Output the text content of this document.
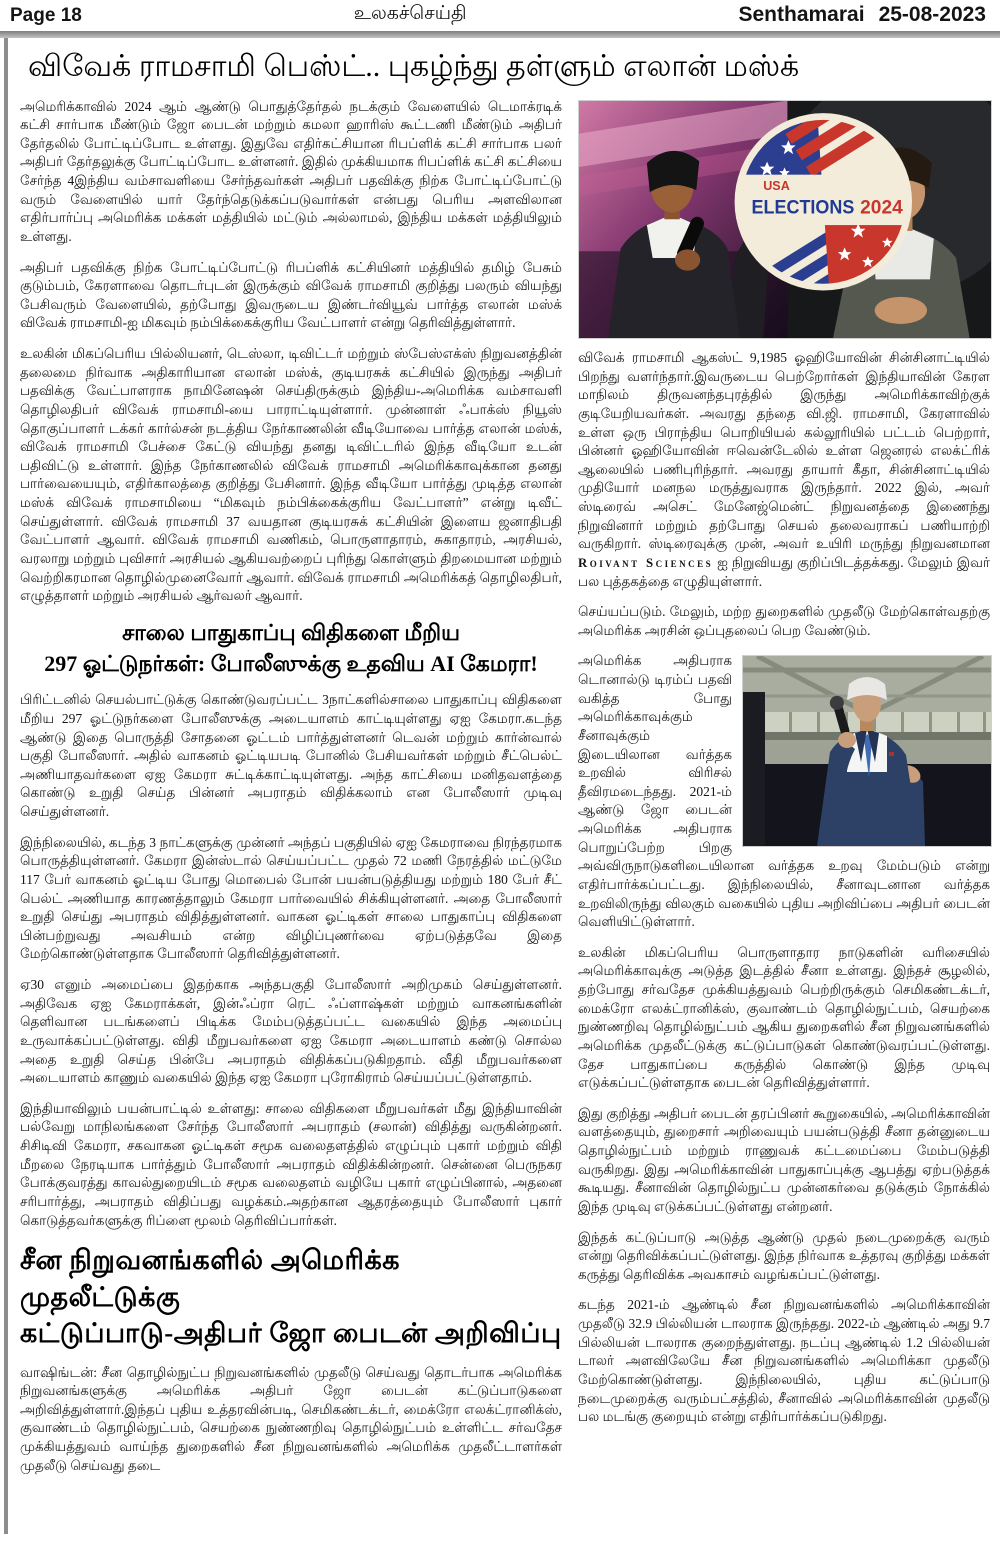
Page 18	உலகச்செய்தி	Senthamarai 25-08-2023
விவேக் ராமசாமி பெஸ்ட்.. புகழ்ந்து தள்ளும் எலான் மஸ்க்

அமெரிக்காவில் 2024 ஆம் ஆண்டு பொதுத்தேர்தல் நடக்கும் வேளையில் டெமாக்ரடிக் கட்சி சார்பாக மீண்டும் ஜோ பைடன் மற்றும் கமலா ஹாரிஸ் கூட்டணி மீண்டும் அதிபர் தேர்தலில் போட்டிப்போட உள்ளது. இதுவே எதிர்கட்சியான ரிபப்ளிக் கட்சி சார்பாக பலர் அதிபர் தேர்தலுக்கு போட்டிப்போட உள்ளனர். இதில் முக்கியமாக ரிபப்ளிக் கட்சி கட்சியை சேர்ந்த 4இந்திய வம்சாவளியை சேர்ந்தவர்கள் அதிபர் பதவிக்கு நிற்க போட்டிப்போட்டு வரும் வேளையில் யார் தேர்ந்தெடுக்கப்படுவார்கள் என்பது பெரிய அளவிலான எதிர்பார்ப்பு அமெரிக்க மக்கள் மத்தியில் மட்டும் அல்லாமல், இந்திய மக்கள் மத்தியிலும் உள்ளது.

அதிபர் பதவிக்கு நிற்க போட்டிப்போட்டு ரிபப்ளிக் கட்சியினர் மத்தியில் தமிழ் பேசும் குடும்பம், கேரளாவை தொடர்புடன் இருக்கும் விவேக் ராமசாமி குறித்து பலரும் வியந்து பேசிவரும் வேளையில், தற்போது இவருடைய இண்டர்வியூவ் பார்த்த எலான் மஸ்க் விவேக் ராமசாமி-ஐ மிகவும் நம்பிக்கைக்குரிய வேட்பாளர் என்று தெரிவித்துள்ளார்.

உலகின் மிகப்பெரிய பில்லியனர், டெஸ்லா, டிவிட்டர் மற்றும் ஸ்பேஸ்எக்ஸ் நிறுவனத்தின் தலைமை நிர்வாக அதிகாரியான எலான் மஸ்க், குடியரசுக் கட்சியில் இருந்து அதிபர் பதவிக்கு வேட்பாளராக நாமினேஷன் செய்திருக்கும் இந்திய-அமெரிக்க வம்சாவளி தொழிலதிபர் விவேக் ராமசாமி-யை பாராட்டியுள்ளார். முன்னாள் ஃபாக்ஸ் நியூஸ் தொகுப்பாளர் டக்கர் கார்ல்சன் நடத்திய நேர்காணலின் வீடியோவை பார்த்த எலான் மஸ்க், விவேக் ராமசாமி பேச்சை கேட்டு வியந்து தனது டிவிட்டரில் இந்த வீடியோ உடன் பதிவிட்டு உள்ளார். இந்த நேர்காணலில் விவேக் ராமசாமி அமெரிக்காவுக்கான தனது பார்வையையும், எதிர்காலத்தை குறித்து பேசினார். இந்த வீடியோ பார்த்து முடித்த எலான் மஸ்க் விவேக் ராமசாமியை “மிகவும் நம்பிக்கைக்குரிய வேட்பாளர்” என்று டிவீட் செய்துள்ளார். விவேக் ராமசாமி 37 வயதான குடியரசுக் கட்சியின் இளைய ஜனாதிபதி வேட்பாளர் ஆவார். விவேக் ராமசாமி வணிகம், பொருளாதாரம், சுகாதாரம், அரசியல், வரலாறு மற்றும் புவிசார் அரசியல் ஆகியவற்றைப் புரிந்து கொள்ளும் திறமையான மற்றும் வெற்றிகரமான தொழில்முனைவோர் ஆவார். விவேக் ராமசாமி அமெரிக்கத் தொழிலதிபர், எழுத்தாளர் மற்றும் அரசியல் ஆர்வலர் ஆவார்.

சாலை பாதுகாப்பு விதிகளை மீறிய
297 ஓட்டுநர்கள்: போலீஸுக்கு உதவிய AI கேமரா!

பிரிட்டனில் செயல்பாட்டுக்கு கொண்டுவரப்பட்ட 3நாட்களில்சாலை பாதுகாப்பு விதிகளை மீறிய 297 ஓட்டுநர்களை போலீஸுக்கு அடையாளம் காட்டியுள்ளது ஏஐ கேமரா.கடந்த ஆண்டு இதை பொருத்தி சோதனை ஓட்டம் பார்த்துள்ளனர் டெவன் மற்றும் கார்ன்வால் பகுதி போலீஸார். அதில் வாகனம் ஓட்டியபடி போனில் பேசியவர்கள் மற்றும் சீட்பெல்ட் அணியாதவர்களை ஏஐ கேமரா சுட்டிக்காட்டியுள்ளது. அந்த காட்சியை மனிதவளத்தை கொண்டு உறுதி செய்த பின்னர் அபராதம் விதிக்கலாம் என போலீஸார் முடிவு செய்துள்ளனர்.

இந்நிலையில், கடந்த 3 நாட்களுக்கு முன்னர் அந்தப் பகுதியில் ஏஐ கேமராவை நிரந்தரமாக பொருத்தியுள்ளனர். கேமரா இன்ஸ்டால் செய்யப்பட்ட முதல் 72 மணி நேரத்தில் மட்டுமே 117 பேர் வாகனம் ஓட்டிய போது மொபைல் போன் பயன்படுத்தியது மற்றும் 180 பேர் சீட் பெல்ட் அணியாத காரணத்தாலும் கேமரா பார்வையில் சிக்கியுள்ளனர். அதை போலீஸார் உறுதி செய்து அபராதம் விதித்துள்ளனர். வாகன ஓட்டிகள் சாலை பாதுகாப்பு விதிகளை பின்பற்றுவது அவசியம் என்ற விழிப்புணர்வை ஏற்படுத்தவே இதை மேற்கொண்டுள்ளதாக போலீஸார் தெரிவித்துள்ளனர்.

ஏ30 எனும் அமைப்பை இதற்காக அந்தபகுதி போலீஸார் அறிமுகம் செய்துள்ளனர். அதிவேக ஏஐ கேமராக்கள், இன்ஃப்ரா ரெட் ஃப்ளாஷ்கள் மற்றும் வாகனங்களின் தெளிவான படங்களைப் பிடிக்க மேம்படுத்தப்பட்ட வகையில் இந்த அமைப்பு உருவாக்கப்பட்டுள்ளது. விதி மீறுபவர்களை ஏஐ கேமரா அடையாளம் கண்டு சொல்ல அதை உறுதி செய்த பின்பே அபராதம் விதிக்கப்படுகிறதாம். வீதி மீறுபவர்களை அடையாளம் காணும் வகையில் இந்த ஏஐ கேமரா புரோகிராம் செய்யப்பட்டுள்ளதாம்.

இந்தியாவிலும் பயன்பாட்டில் உள்ளது: சாலை விதிகளை மீறுபவர்கள் மீது இந்தியாவின் பல்வேறு மாநிலங்களை சேர்ந்த போலீஸார் அபராதம் (சலான்) விதித்து வருகின்றனர். சிசிடிவி கேமரா, சகவாகன ஓட்டிகள் சமூக வலைதளத்தில் எழுப்பும் புகார் மற்றும் விதி மீறலை நேரடியாக பார்த்தும் போலீஸார் அபராதம் விதிக்கின்றனர். சென்னை பெருநகர போக்குவரத்து காவல்துறையிடம் சமூக வலைதளம் வழியே புகார் எழுப்பினால், அதனை சரிபார்த்து, அபராதம் விதிப்பது வழக்கம்.அதற்கான ஆதரத்தையும் போலீஸார் புகார் கொடுத்தவர்களுக்கு ரிப்ளை மூலம் தெரிவிப்பார்கள்.

சீன நிறுவனங்களில் அமெரிக்க முதலீட்டுக்கு
கட்டுப்பாடு-அதிபர் ஜோ பைடன் அறிவிப்பு

வாஷிங்டன்: சீன தொழில்நுட்ப நிறுவனங்களில் முதலீடு செய்வது தொடர்பாக அமெரிக்க நிறுவனங்களுக்கு அமெரிக்க அதிபர் ஜோ பைடன் கட்டுப்பாடுகளை அறிவித்துள்ளார்.இந்தப் புதிய உத்தரவின்படி, செமிகண்டக்டர், மைக்ரோ எலக்ட்ரானிக்ஸ், குவாண்டம் தொழில்நுட்பம், செயற்கை நுண்ணறிவு தொழில்நுட்பம் உள்ளிட்ட சர்வதேச முக்கியத்துவம் வாய்ந்த துறைகளில் சீன நிறுவனங்களில் அமெரிக்க முதலீட்டாளர்கள் முதலீடு செய்வது தடை

USA
ELECTIONS 2024

விவேக் ராமசாமி ஆகஸ்ட் 9,1985 ஓஹியோவின் சின்சினாட்டியில் பிறந்து வளர்ந்தார்.இவருடைய பெற்றோர்கள் இந்தியாவின் கேரள மாநிலம் திருவனந்தபுரத்தில் இருந்து அமெரிக்காவிற்குக் குடியேறியவர்கள். அவரது தந்தை வி.ஜி. ராமசாமி, கேரளாவில் உள்ள ஒரு பிராந்திய பொறியியல் கல்லூரியில் பட்டம் பெற்றார், பின்னர் ஓஹியோவின் ஈவென்டேலில் உள்ள ஜெனரல் எலக்ட்ரிக் ஆலையில் பணிபுரிந்தார். அவரது தாயார் கீதா, சின்சினாட்டியில் முதியோர் மனநல மருத்துவராக இருந்தார். 2022 இல், அவர் ஸ்டிரைவ் அசெட் மேனேஜ்மென்ட் நிறுவனத்தை இணைந்து நிறுவினார் மற்றும் தற்போது செயல் தலைவராகப் பணியாற்றி வருகிறார். ஸ்டிரைவுக்கு முன், அவர் உயிரி மருந்து நிறுவனமான Roivant Sciences ஐ நிறுவியது குறிப்பிடத்தக்கது. மேலும் இவர் பல புத்தகத்தை எழுதியுள்ளார்.

செய்யப்படும். மேலும், மற்ற துறைகளில் முதலீடு மேற்கொள்வதற்கு அமெரிக்க அரசின் ஒப்புதலைப் பெற வேண்டும்.

அமெரிக்க அதிபராக டொனால்டு டிரம்ப் பதவி வகித்த போது அமெரிக்காவுக்கும் சீனாவுக்கும் இடையிலான வர்த்தக உறவில் விரிசல் தீவிரமடைந்தது. 2021-ம் ஆண்டு ஜோ பைடன் அமெரிக்க அதிபராக பொறுப்பேற்ற பிறகு அவ்விருநாடுகளிடையிலான வர்த்தக உறவு மேம்படும் என்று எதிர்பார்க்கப்பட்டது. இந்நிலையில், சீனாவுடனான வர்த்தக உறவிலிருந்து விலகும் வகையில் புதிய அறிவிப்பை அதிபர் பைடன் வெளியிட்டுள்ளார்.

உலகின் மிகப்பெரிய பொருளாதார நாடுகளின் வரிசையில் அமெரிக்காவுக்கு அடுத்த இடத்தில் சீனா உள்ளது. இந்தச் சூழலில், தற்போது சர்வதேச முக்கியத்துவம் பெற்றிருக்கும் செமிகண்டக்டர், மைக்ரோ எலக்ட்ரானிக்ஸ், குவாண்டம் தொழில்நுட்பம், செயற்கை நுண்ணறிவு தொழில்நுட்பம் ஆகிய துறைகளில் சீன நிறுவனங்களில் அமெரிக்க முதலீட்டுக்கு கட்டுப்பாடுகள் கொண்டுவரப்பட்டுள்ளது. தேச பாதுகாப்பை கருத்தில் கொண்டு இந்த முடிவு எடுக்கப்பட்டுள்ளதாக பைடன் தெரிவித்துள்ளார்.

இது குறித்து அதிபர் பைடன் தரப்பினர் கூறுகையில், அமெரிக்காவின் வளத்தையும், துறைசார் அறிவையும் பயன்படுத்தி சீனா தன்னுடைய தொழில்நுட்பம் மற்றும் ராணுவக் கட்டமைப்பை மேம்படுத்தி வருகிறது. இது அமெரிக்காவின் பாதுகாப்புக்கு ஆபத்து ஏற்படுத்தக் கூடியது. சீனாவின் தொழில்நுட்ப முன்னகர்வை தடுக்கும் நோக்கில் இந்த முடிவு எடுக்கப்பட்டுள்ளது என்றனர்.

இந்தக் கட்டுப்பாடு அடுத்த ஆண்டு முதல் நடைமுறைக்கு வரும் என்று தெரிவிக்கப்பட்டுள்ளது. இந்த நிர்வாக உத்தரவு குறித்து மக்கள் கருத்து தெரிவிக்க அவகாசம் வழங்கப்பட்டுள்ளது.

கடந்த 2021-ம் ஆண்டில் சீன நிறுவனங்களில் அமெரிக்காவின் முதலீடு 32.9 பில்லியன் டாலராக இருந்தது. 2022-ம் ஆண்டில் அது 9.7 பில்லியன் டாலராக குறைந்துள்ளது. நடப்பு ஆண்டில் 1.2 பில்லியன் டாலர் அளவிலேயே சீன நிறுவனங்களில் அமெரிக்கா முதலீடு மேற்கொண்டுள்ளது. இந்நிலையில், புதிய கட்டுப்பாடு நடைமுறைக்கு வரும்பட்சத்தில், சீனாவில் அமெரிக்காவின் முதலீடு பல மடங்கு குறையும் என்று எதிர்பார்க்கப்படுகிறது.
